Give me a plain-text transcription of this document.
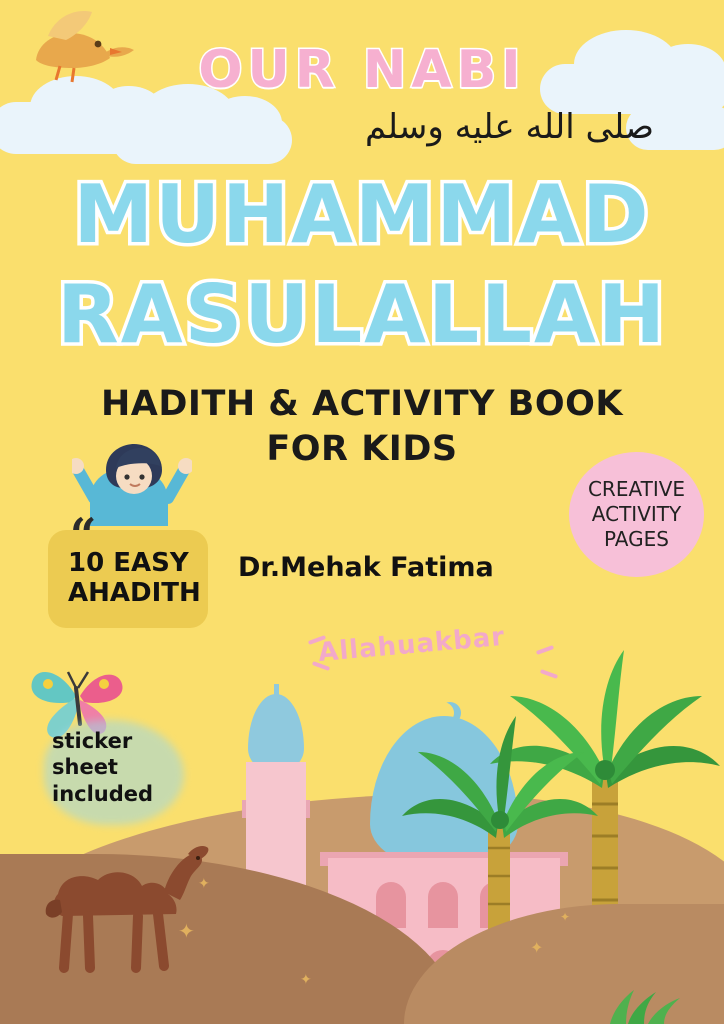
OUR NABI
صلى الله عليه وسلم
MUHAMMAD
RASULALLAH
HADITH & ACTIVITY BOOK
FOR KIDS
10 EASY
AHADITH
CREATIVE
ACTIVITY
PAGES
Dr.Mehak Fatima
Allahuakbar
sticker
sheet
included
✦
✦
✦
✦
✦
